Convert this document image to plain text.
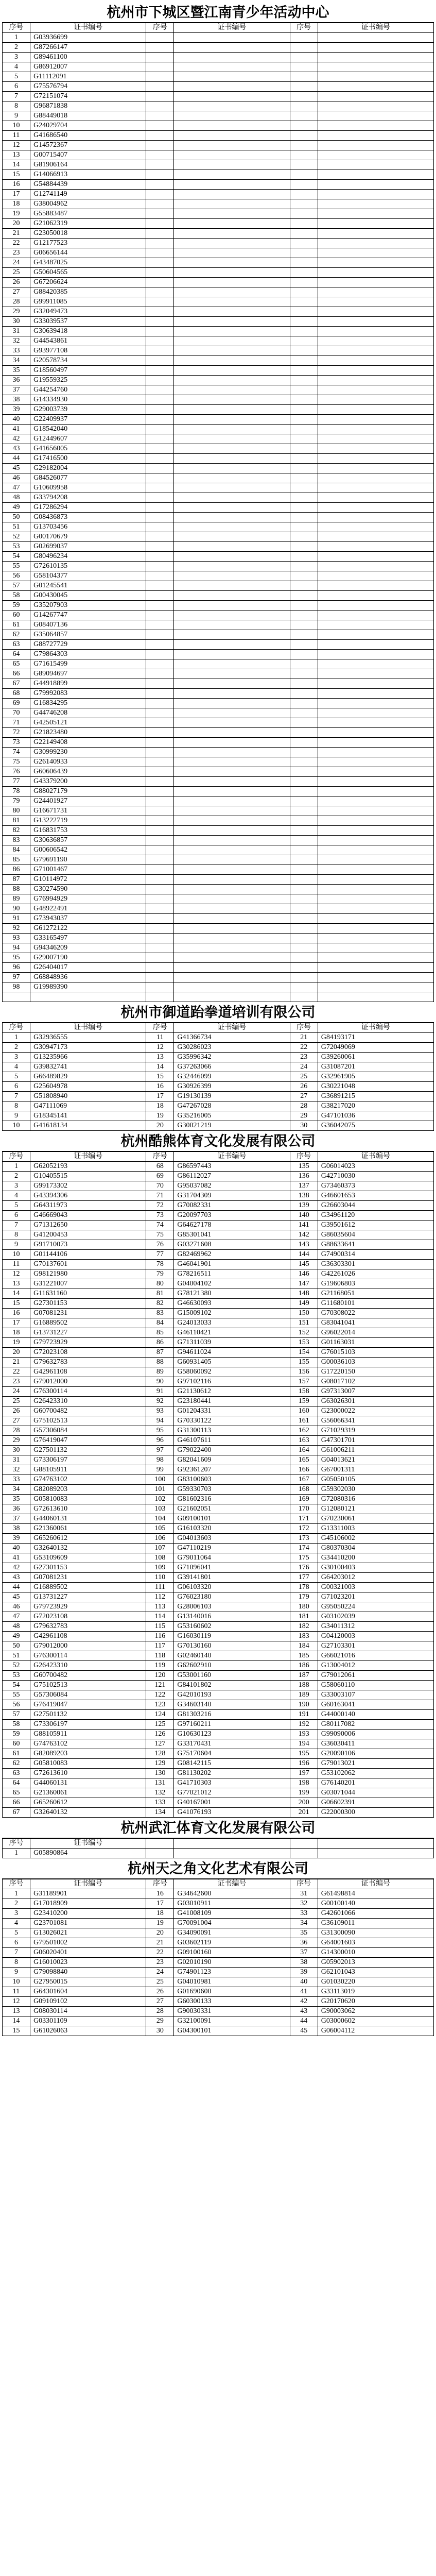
杭州市下城区暨江南青少年活动中心
序号	证书编号	序号	证书编号	序号	证书编号
1	G03936699				
2	G87266147				
3	G89461100				
4	G86912007				
5	G11112091				
6	G75576794				
7	G72151074				
8	G96871838				
9	G88449018				
10	G24029704				
11	G41686540				
12	G14572367				
13	G00715407				
14	G81906164				
15	G14066913				
16	G54884439				
17	G12741149				
18	G38004962				
19	G55883487				
20	G21062319				
21	G23050018				
22	G12177523				
23	G06656144				
24	G43487025				
25	G50604565				
26	G67206624				
27	G88420385				
28	G99911085				
29	G32049473				
30	G33039537				
31	G30639418				
32	G44543861				
33	G93977108				
34	G20578734				
35	G18560497				
36	G19559325				
37	G44254760				
38	G14334930				
39	G29003739				
40	G22409937				
41	G18542040				
42	G12449607				
43	G41656005				
44	G17416500				
45	G29182004				
46	G84526077				
47	G10609958				
48	G33794208				
49	G17286294				
50	G08436873				
51	G13703456				
52	G00170679				
53	G02699037				
54	G80496234				
55	G72610135				
56	G58104377				
57	G01245541				
58	G00430045				
59	G35207903				
60	G14267747				
61	G08407136				
62	G35064857				
63	G88727729				
64	G79864303				
65	G71615499				
66	G89094697				
67	G44918899				
68	G79992083				
69	G16834295				
70	G44746208				
71	G42505121				
72	G21823480				
73	G22149408				
74	G30999230				
75	G26140933				
76	G60606439				
77	G43379200				
78	G88027179				
79	G24401927				
80	G16671731				
81	G13222719				
82	G16831753				
83	G30636857				
84	G00606542				
85	G79691190				
86	G71001467				
87	G10114972				
88	G30274590				
89	G76994929				
90	G48922491				
91	G73943037				
92	G61272122				
93	G33165497				
94	G94346209				
95	G29007190				
96	G26404017				
97	G68848936				
98	G19989390				

杭州市御道跆拳道培训有限公司
序号	证书编号	序号	证书编号	序号	证书编号
1	G32936555	11	G41366734	21	G84193171
2	G30947173	12	G30286023	22	G72049069
3	G13235966	13	G35996342	23	G39260061
4	G39832741	14	G37263066	24	G31087201
5	G66489829	15	G32446099	25	G32961905
6	G25604978	16	G30926399	26	G30221048
7	G51808940	17	G19130139	27	G36891215
8	G47111069	18	G47267028	28	G38217020
9	G18345141	19	G35216005	29	G47101036
10	G41618134	20	G30021219	30	G36042075
杭州酷熊体育文化发展有限公司
序号	证书编号	序号	证书编号	序号	证书编号
1	G62052193	68	G86597443	135	G06014023
2	G10405515	69	G86112027	136	G42710030
3	G99173302	70	G95037082	137	G73460373
4	G43394306	71	G31704309	138	G46601653
5	G64311973	72	G70082331	139	G26603044
6	G46669043	73	G20097703	140	G34961120
7	G71312650	74	G64627178	141	G39501612
8	G41200453	75	G85301041	142	G86035604
9	G91710073	76	G03271608	143	G88633641
10	G01144106	77	G82469962	144	G74900314
11	G70137601	78	G46041901	145	G36303301
12	G98121980	79	G78216511	146	G42261026
13	G31221007	80	G04004102	147	G19606803
14	G11631160	81	G78121380	148	G21168051
15	G27301153	82	G46630093	149	G11680101
16	G07081231	83	G15009102	150	G70308022
17	G16889502	84	G24013033	151	G83041041
18	G13731227	85	G46110421	152	G96022014
19	G79723929	86	G71311039	153	G01163031
20	G72023108	87	G94611024	154	G76015103
21	G79632783	88	G60931405	155	G00036103
22	G42961108	89	G58060092	156	G17220150
23	G79012000	90	G97102116	157	G08017102
24	G76300114	91	G21130612	158	G97313007
25	G26423310	92	G23180441	159	G63026301
26	G60700482	93	G01204331	160	G23000022
27	G75102513	94	G70330122	161	G56066341
28	G57306084	95	G31300113	162	G71029319
29	G76419047	96	G46107611	163	G47301701
30	G27501132	97	G79022400	164	G61006211
31	G73306197	98	G82041609	165	G04013621
32	G88105911	99	G92361207	166	G67001311
33	G74763102	100	G83100603	167	G05050105
34	G82089203	101	G59330703	168	G59302030
35	G05810083	102	G81602316	169	G72080316
36	G72613610	103	G21602051	170	G12080121
37	G44060131	104	G09100101	171	G70230061
38	G21360061	105	G16103320	172	G13311003
39	G65260612	106	G04013603	173	G45106002
40	G32640132	107	G47110219	174	G80370304
41	G53109609	108	G79011064	175	G34410200
42	G27301153	109	G71096041	176	G30100403
43	G07081231	110	G39141801	177	G64203012
44	G16889502	111	G06103320	178	G00321003
45	G13731227	112	G76023180	179	G71023201
46	G79723929	113	G28006103	180	G95050224
47	G72023108	114	G13140016	181	G03102039
48	G79632783	115	G53160602	182	G34011312
49	G42961108	116	G16030119	183	G04120003
50	G79012000	117	G70130160	184	G27103301
51	G76300114	118	G02460140	185	G66021016
52	G26423310	119	G62602910	186	G13004012
53	G60700482	120	G53001160	187	G79012061
54	G75102513	121	G84101802	188	G58060110
55	G57306084	122	G42010193	189	G33003107
56	G76419047	123	G34603140	190	G60163041
57	G27501132	124	G81303216	191	G44000140
58	G73306197	125	G97160211	192	G80117082
59	G88105911	126	G10630123	193	G99090006
60	G74763102	127	G33170431	194	G36030411
61	G82089203	128	G75170604	195	G20090106
62	G05810083	129	G08142115	196	G79013021
63	G72613610	130	G81130202	197	G53102062
64	G44060131	131	G41710303	198	G76140201
65	G21360061	132	G77021012	199	G03071044
66	G65260612	133	G40167001	200	G06602391
67	G32640132	134	G41076193	201	G22000300
杭州武汇体育文化发展有限公司
序号	证书编号				
1	G05890864				
杭州天之角文化艺术有限公司
序号	证书编号	序号	证书编号	序号	证书编号
1	G31189901	16	G34642600	31	G61498814
2	G17018909	17	G03010911	32	G00100140
3	G23410200	18	G41008109	33	G42601066
4	G23701081	19	G70091004	34	G36109011
5	G13026021	20	G34090091	35	G31300090
6	G79501002	21	G03602119	36	G64001603
7	G06020401	22	G09100160	37	G14300010
8	G16010023	23	G02010190	38	G05902013
9	G79098840	24	G74901123	39	G62101043
10	G27950015	25	G04010981	40	G01030220
11	G64301604	26	G01690600	41	G33113019
12	G09109102	27	G60300133	42	G20170620
13	G08030114	28	G90030331	43	G90003062
14	G03301109	29	G32100091	44	G03000602
15	G61026063	30	G04300101	45	G06004112
